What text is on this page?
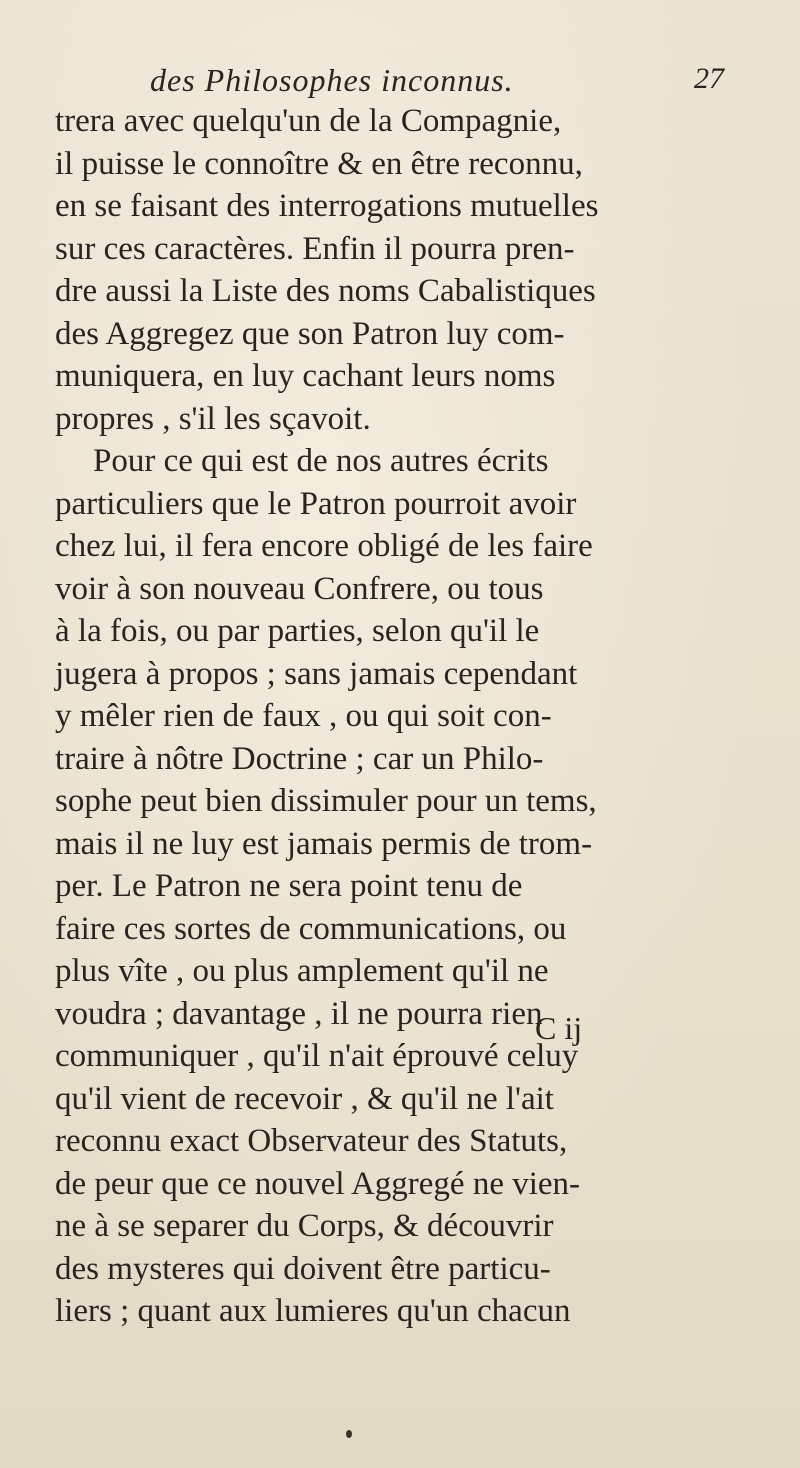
des Philosophes inconnus.	27
trera avec quelqu'un de la Compagnie,
il puisse le connoître & en être reconnu,
en se faisant des interrogations mutuelles
sur ces caractères. Enfin il pourra pren-
dre aussi la Liste des noms Cabalistiques
des Aggregez que son Patron luy com-
muniquera, en luy cachant leurs noms
propres , s'il les sçavoit.
Pour ce qui est de nos autres écrits
particuliers que le Patron pourroit avoir
chez lui, il fera encore obligé de les faire
voir à son nouveau Confrere, ou tous
à la fois, ou par parties, selon qu'il le
jugera à propos ; sans jamais cependant
y mêler rien de faux , ou qui soit con-
traire à nôtre Doctrine ; car un Philo-
sophe peut bien dissimuler pour un tems,
mais il ne luy est jamais permis de trom-
per. Le Patron ne sera point tenu de
faire ces sortes de communications, ou
plus vîte , ou plus amplement qu'il ne
voudra ; davantage , il ne pourra rien
communiquer , qu'il n'ait éprouvé celuy
qu'il vient de recevoir , & qu'il ne l'ait
reconnu exact Observateur des Statuts,
de peur que ce nouvel Aggregé ne vien-
ne à se separer du Corps, & découvrir
des mysteres qui doivent être particu-
liers ; quant aux lumieres qu'un chacun
C ij
